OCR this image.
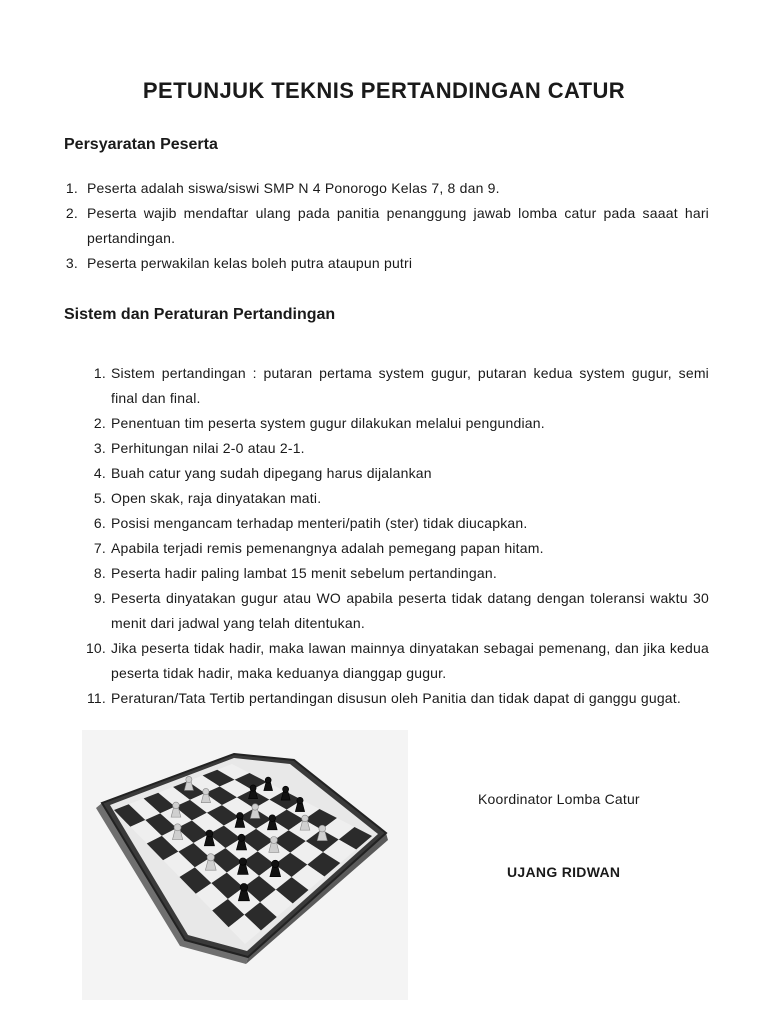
PETUNJUK TEKNIS PERTANDINGAN CATUR
Persyaratan Peserta
1. Peserta adalah siswa/siswi SMP N 4 Ponorogo Kelas 7, 8 dan 9.
2. Peserta wajib mendaftar ulang pada panitia penanggung jawab lomba catur pada saaat hari pertandingan.
3. Peserta perwakilan kelas boleh putra ataupun putri
Sistem dan Peraturan Pertandingan
1. Sistem pertandingan : putaran pertama system gugur, putaran kedua system gugur, semi final dan final.
2. Penentuan tim peserta system gugur dilakukan melalui pengundian.
3. Perhitungan nilai 2-0 atau 2-1.
4. Buah catur yang sudah dipegang harus dijalankan
5. Open skak, raja dinyatakan mati.
6. Posisi mengancam terhadap menteri/patih (ster) tidak diucapkan.
7. Apabila terjadi remis pemenangnya adalah pemegang papan hitam.
8. Peserta hadir paling lambat 15 menit sebelum pertandingan.
9. Peserta dinyatakan gugur atau WO apabila peserta tidak datang dengan toleransi waktu 30 menit dari jadwal yang telah ditentukan.
10. Jika peserta tidak hadir, maka lawan mainnya dinyatakan sebagai pemenang, dan jika kedua peserta tidak hadir, maka keduanya dianggap gugur.
11. Peraturan/Tata Tertib pertandingan disusun oleh Panitia dan tidak dapat di ganggu gugat.
Koordinator Lomba Catur
UJANG RIDWAN
